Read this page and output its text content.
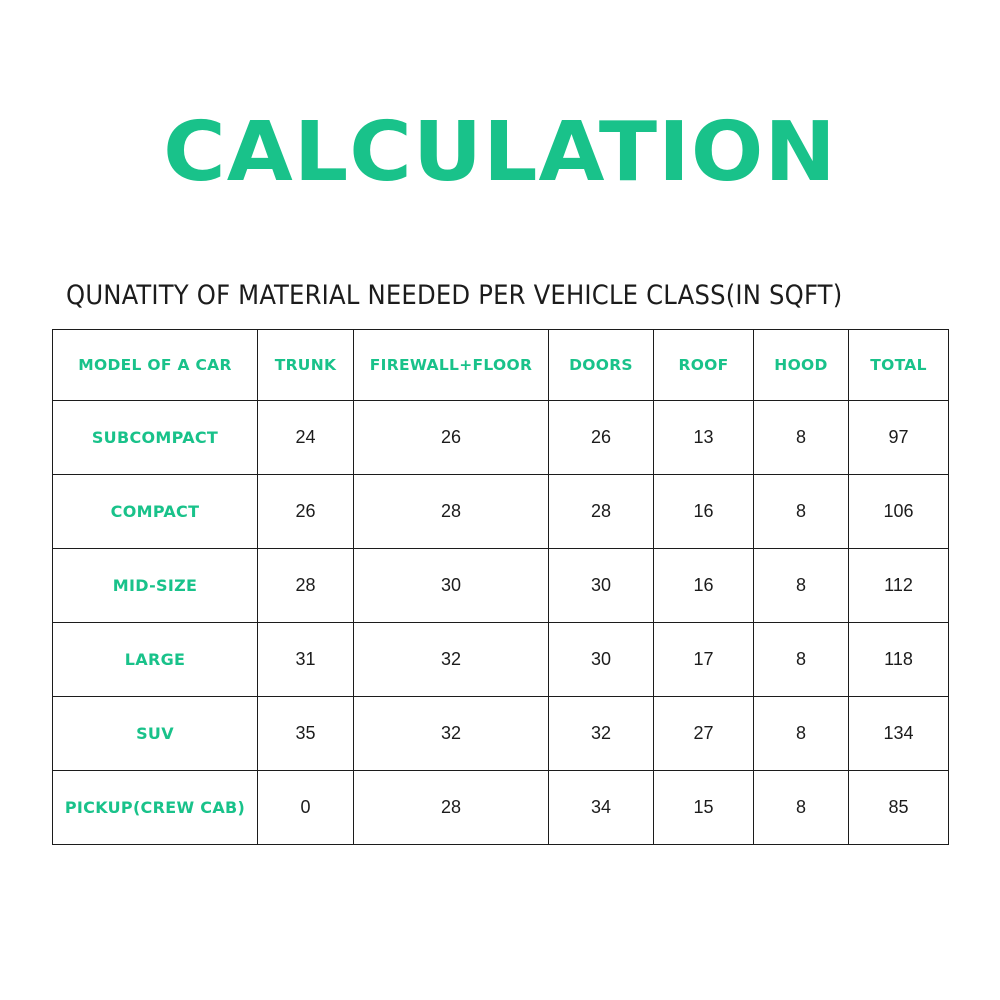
CALCULATION
QUNATITY OF MATERIAL NEEDED PER VEHICLE CLASS(IN SQFT)
MODEL OF A CAR	TRUNK	FIREWALL+FLOOR	DOORS	ROOF	HOOD	TOTAL
SUBCOMPACT	24	26	26	13	8	97
COMPACT	26	28	28	16	8	106
MID-SIZE	28	30	30	16	8	112
LARGE	31	32	30	17	8	118
SUV	35	32	32	27	8	134
PICKUP(CREW CAB)	0	28	34	15	8	85
